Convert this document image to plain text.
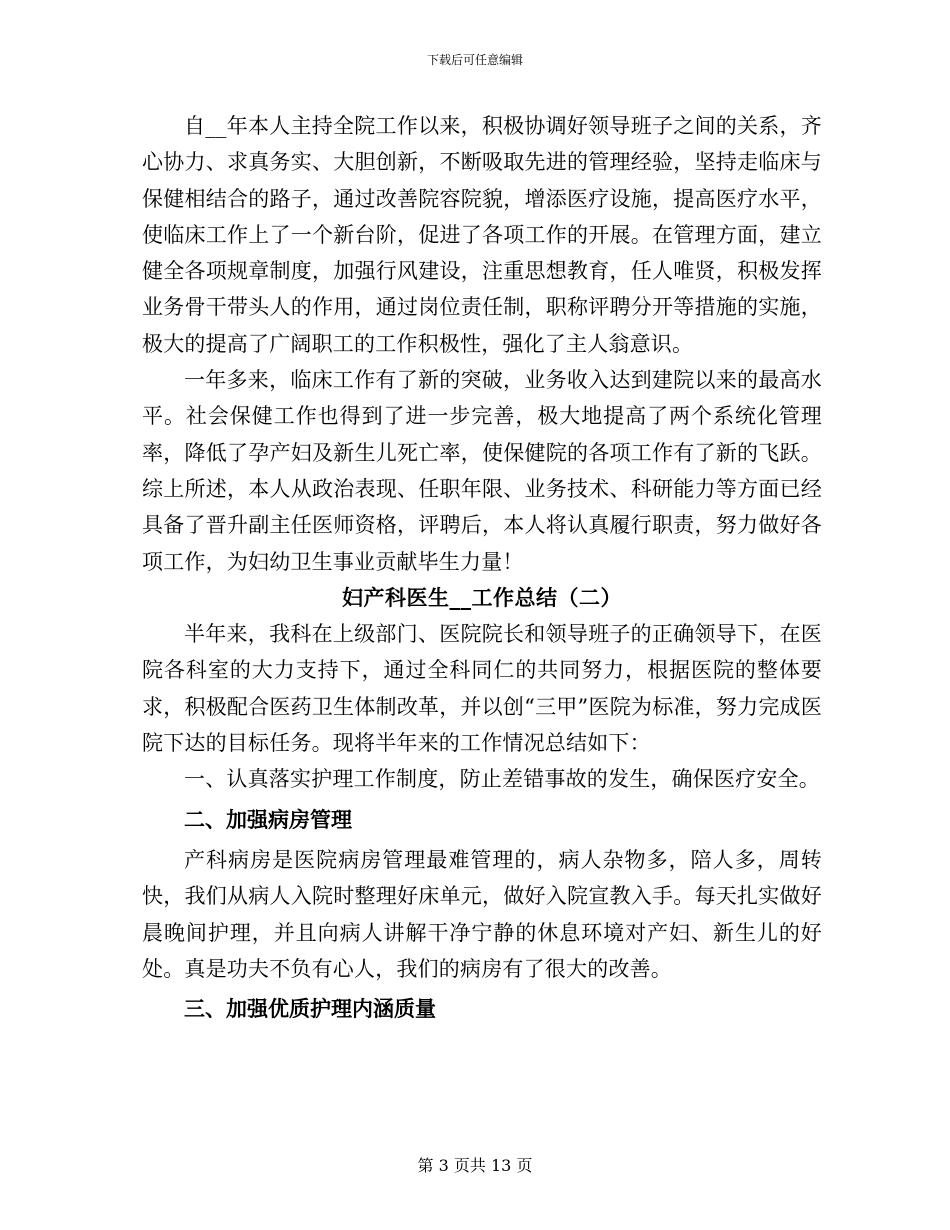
下载后可任意编辑

自__年本人主持全院工作以来，积极协调好领导班子之间的关系，齐心协力、求真务实、大胆创新，不断吸取先进的管理经验，坚持走临床与保健相结合的路子，通过改善院容院貌，增添医疗设施，提高医疗水平，使临床工作上了一个新台阶，促进了各项工作的开展。在管理方面，建立健全各项规章制度，加强行风建设，注重思想教育，任人唯贤，积极发挥业务骨干带头人的作用，通过岗位责任制，职称评聘分开等措施的实施，极大的提高了广阔职工的工作积极性，强化了主人翁意识。

一年多来，临床工作有了新的突破，业务收入达到建院以来的最高水平。社会保健工作也得到了进一步完善，极大地提高了两个系统化管理率，降低了孕产妇及新生儿死亡率，使保健院的各项工作有了新的飞跃。综上所述，本人从政治表现、任职年限、业务技术、科研能力等方面已经具备了晋升副主任医师资格，评聘后，本人将认真履行职责，努力做好各项工作，为妇幼卫生事业贡献毕生力量！

妇产科医生__工作总结（二）

半年来，我科在上级部门、医院院长和领导班子的正确领导下，在医院各科室的大力支持下，通过全科同仁的共同努力，根据医院的整体要求，积极配合医药卫生体制改革，并以创“三甲”医院为标准，努力完成医院下达的目标任务。现将半年来的工作情况总结如下：

一、认真落实护理工作制度，防止差错事故的发生，确保医疗安全。

二、加强病房管理

产科病房是医院病房管理最难管理的，病人杂物多，陪人多，周转快，我们从病人入院时整理好床单元，做好入院宣教入手。每天扎实做好晨晚间护理，并且向病人讲解干净宁静的休息环境对产妇、新生儿的好处。真是功夫不负有心人，我们的病房有了很大的改善。

三、加强优质护理内涵质量

第 3 页共 13 页
